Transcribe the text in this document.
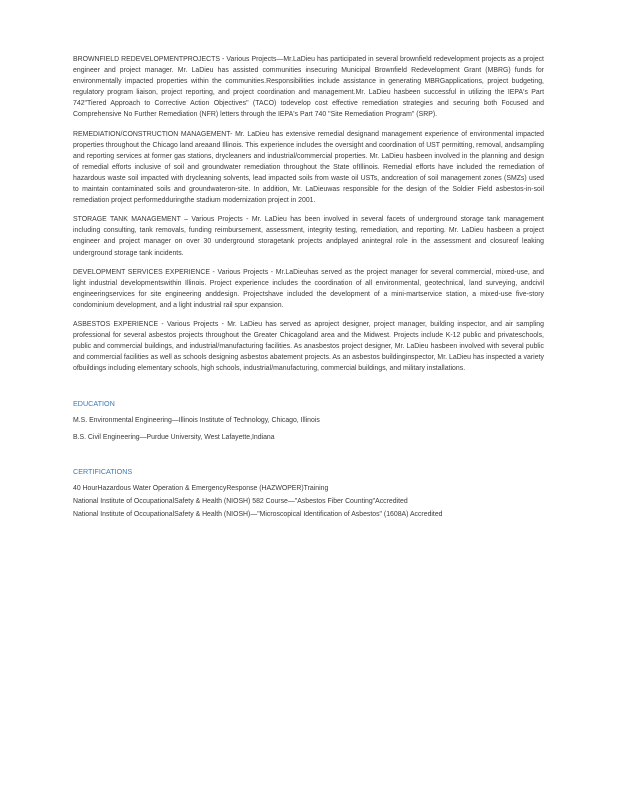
BROWNFIELD REDEVELOPMENTPROJECTS - Various Projects—Mr.LaDieu has participated in several brownfield redevelopment projects as a project engineer and project manager. Mr. LaDieu has assisted communities insecuring Municipal Brownfield Redevelopment Grant (MBRG) funds for environmentally impacted properties within the communities.Responsibilities include assistance in generating MBRGapplications, project budgeting, regulatory program liaison, project reporting, and project coordination and management.Mr. LaDieu hasbeen successful in utilizing the IEPA's Part 742"Tiered Approach to Corrective Action Objectives" (TACO) todevelop cost effective remediation strategies and securing both Focused and Comprehensive No Further Remediation (NFR) letters through the IEPA's Part 740 "Site Remediation Program" (SRP).

REMEDIATION/CONSTRUCTION MANAGEMENT- Mr. LaDieu has extensive remedial designand management experience of environmental impacted properties throughout the Chicago land areaand Illinois. This experience includes the oversight and coordination of UST permitting, removal, andsampling and reporting services at former gas stations, drycleaners and industrial/commercial properties. Mr. LaDieu hasbeen involved in the planning and design of remedial efforts inclusive of soil and groundwater remediation throughout the State ofIllinois. Remedial efforts have included the remediation of hazardous waste soil impacted with drycleaning solvents, lead impacted soils from waste oil USTs, andcreation of soil management zones (SMZs) used to maintain contaminated soils and groundwateron-site. In addition, Mr. LaDieuwas responsible for the design of the Soldier Field asbestos-in-soil remediation project performedduringthe stadium modernization project in 2001.

STORAGE TANK MANAGEMENT – Various Projects - Mr. LaDieu has been involved in several facets of underground storage tank management including consulting, tank removals, funding reimbursement, assessment, integrity testing, remediation, and reporting. Mr. LaDieu hasbeen a project engineer and project manager on over 30 underground storagetank projects andplayed anintegral role in the assessment and closureof leaking underground storage tank incidents.

DEVELOPMENT SERVICES EXPERIENCE - Various Projects - Mr.LaDieuhas served as the project manager for several commercial, mixed-use, and light industrial developmentswithin Illinois. Project experience includes the coordination of all environmental, geotechnical, land surveying, andcivil engineeringservices for site engineering anddesign. Projectshave included the development of a mini-martservice station, a mixed-use five-story condominium development, and a light industrial rail spur expansion.

ASBESTOS EXPERIENCE - Various Projects - Mr. LaDieu has served as aproject designer, project manager, building inspector, and air sampling professional for several asbestos projects throughout the Greater Chicagoland area and the Midwest. Projects include K-12 public and privateschools, public and commercial buildings, and industrial/manufacturing facilities. As anasbestos project designer, Mr. LaDieu hasbeen involved with several public and commercial facilities as well as schools designing asbestos abatement projects. As an asbestos buildinginspector, Mr. LaDieu has inspected a variety ofbuildings including elementary schools, high schools, industrial/manufacturing, commercial buildings, and military installations.

EDUCATION
M.S. Environmental Engineering—Illinois Institute of Technology, Chicago, Illinois
B.S. Civil Engineering—Purdue University, West Lafayette,Indiana
CERTIFICATIONS
40 HourHazardous Water Operation & EmergencyResponse (HAZWOPER)Training
National Institute of OccupationalSafety & Health (NIOSH) 582 Course—"Asbestos Fiber Counting"Accredited
National Institute of OccupationalSafety & Health (NIOSH)—"Microscopical Identification of Asbestos" (1608A) Accredited
